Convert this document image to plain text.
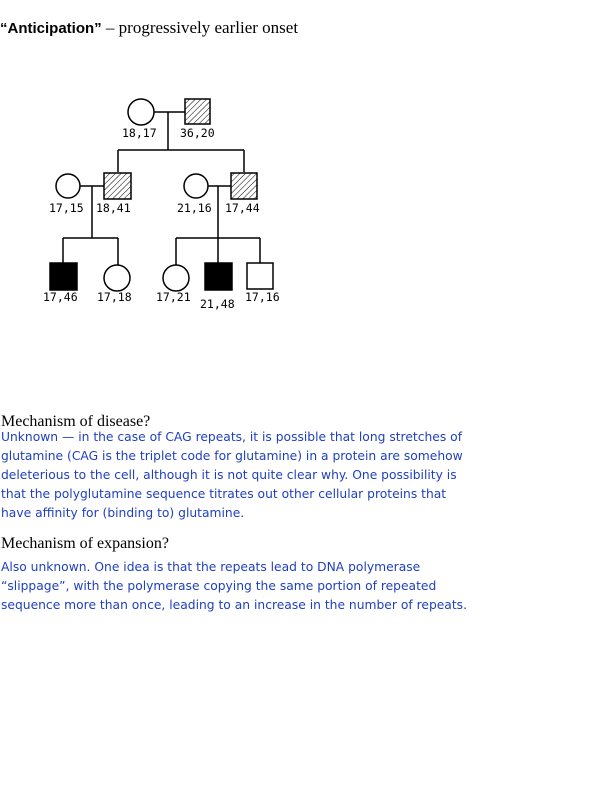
“Anticipation” – progressively earlier onset
18,17 36,20
17,15 18,41	21,16 17,44
17,46 17,18 17,21 21,48 17,16
Mechanism of disease?
Unknown — in the case of CAG repeats, it is possible that long stretches of
glutamine (CAG is the triplet code for glutamine) in a protein are somehow
deleterious to the cell, although it is not quite clear why. One possibility is
that the polyglutamine sequence titrates out other cellular proteins that
have affinity for (binding to) glutamine.
Mechanism of expansion?
Also unknown. One idea is that the repeats lead to DNA polymerase
“slippage”, with the polymerase copying the same portion of repeated
sequence more than once, leading to an increase in the number of repeats.
